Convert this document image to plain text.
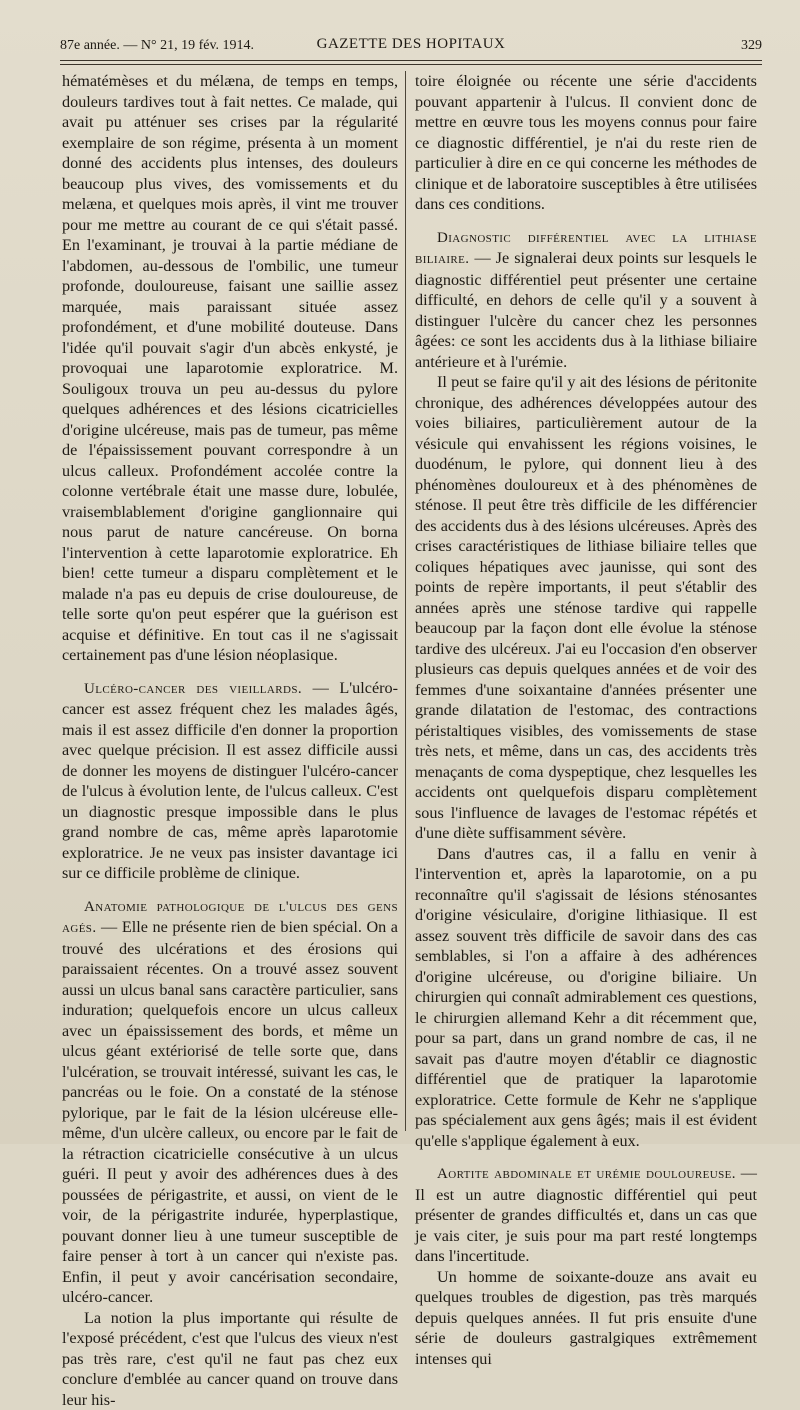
87e année. — N° 21, 19 fév. 1914.	GAZETTE DES HOPITAUX	329

hématémèses et du mélæna, de temps en temps, douleurs tardives tout à fait nettes. Ce malade, qui avait pu atténuer ses crises par la régularité exemplaire de son régime, présenta à un moment donné des accidents plus intenses, des douleurs beaucoup plus vives, des vomissements et du melæna, et quelques mois après, il vint me trouver pour me mettre au courant de ce qui s'était passé. En l'examinant, je trouvai à la partie médiane de l'abdomen, au-dessous de l'ombilic, une tumeur profonde, douloureuse, faisant une saillie assez marquée, mais paraissant située assez profondément, et d'une mobilité douteuse. Dans l'idée qu'il pouvait s'agir d'un abcès enkysté, je provoquai une laparotomie exploratrice. M. Souligoux trouva un peu au-dessus du pylore quelques adhérences et des lésions cicatricielles d'origine ulcéreuse, mais pas de tumeur, pas même de l'épaississement pouvant correspondre à un ulcus calleux. Profondément accolée contre la colonne vertébrale était une masse dure, lobulée, vraisemblablement d'origine ganglionnaire qui nous parut de nature cancéreuse. On borna l'intervention à cette laparotomie exploratrice. Eh bien! cette tumeur a disparu complètement et le malade n'a pas eu depuis de crise douloureuse, de telle sorte qu'on peut espérer que la guérison est acquise et définitive. En tout cas il ne s'agissait certainement pas d'une lésion néoplasique.

Ulcéro-cancer des vieillards. — L'ulcéro-cancer est assez fréquent chez les malades âgés, mais il est assez difficile d'en donner la proportion avec quelque précision. Il est assez difficile aussi de donner les moyens de distinguer l'ulcéro-cancer de l'ulcus à évolution lente, de l'ulcus calleux. C'est un diagnostic presque impossible dans le plus grand nombre de cas, même après laparotomie exploratrice. Je ne veux pas insister davantage ici sur ce difficile problème de clinique.

Anatomie pathologique de l'ulcus des gens agés. — Elle ne présente rien de bien spécial. On a trouvé des ulcérations et des érosions qui paraissaient récentes. On a trouvé assez souvent aussi un ulcus banal sans caractère particulier, sans induration; quelquefois encore un ulcus calleux avec un épaississement des bords, et même un ulcus géant extériorisé de telle sorte que, dans l'ulcération, se trouvait intéressé, suivant les cas, le pancréas ou le foie. On a constaté de la sténose pylorique, par le fait de la lésion ulcéreuse elle-même, d'un ulcère calleux, ou encore par le fait de la rétraction cicatricielle consécutive à un ulcus guéri. Il peut y avoir des adhérences dues à des poussées de périgastrite, et aussi, on vient de le voir, de la périgastrite indurée, hyperplastique, pouvant donner lieu à une tumeur susceptible de faire penser à tort à un cancer qui n'existe pas. Enfin, il peut y avoir cancérisation secondaire, ulcéro-cancer.

La notion la plus importante qui résulte de l'exposé précédent, c'est que l'ulcus des vieux n'est pas très rare, c'est qu'il ne faut pas chez eux conclure d'emblée au cancer quand on trouve dans leur his-

toire éloignée ou récente une série d'accidents pouvant appartenir à l'ulcus. Il convient donc de mettre en œuvre tous les moyens connus pour faire ce diagnostic différentiel, je n'ai du reste rien de particulier à dire en ce qui concerne les méthodes de clinique et de laboratoire susceptibles à être utilisées dans ces conditions.

Diagnostic différentiel avec la lithiase biliaire. — Je signalerai deux points sur lesquels le diagnostic différentiel peut présenter une certaine difficulté, en dehors de celle qu'il y a souvent à distinguer l'ulcère du cancer chez les personnes âgées: ce sont les accidents dus à la lithiase biliaire antérieure et à l'urémie.

Il peut se faire qu'il y ait des lésions de péritonite chronique, des adhérences développées autour des voies biliaires, particulièrement autour de la vésicule qui envahissent les régions voisines, le duodénum, le pylore, qui donnent lieu à des phénomènes douloureux et à des phénomènes de sténose. Il peut être très difficile de les différencier des accidents dus à des lésions ulcéreuses. Après des crises caractéristiques de lithiase biliaire telles que coliques hépatiques avec jaunisse, qui sont des points de repère importants, il peut s'établir des années après une sténose tardive qui rappelle beaucoup par la façon dont elle évolue la sténose tardive des ulcéreux. J'ai eu l'occasion d'en observer plusieurs cas depuis quelques années et de voir des femmes d'une soixantaine d'années présenter une grande dilatation de l'estomac, des contractions péristaltiques visibles, des vomissements de stase très nets, et même, dans un cas, des accidents très menaçants de coma dyspeptique, chez lesquelles les accidents ont quelquefois disparu complètement sous l'influence de lavages de l'estomac répétés et d'une diète suffisamment sévère.

Dans d'autres cas, il a fallu en venir à l'intervention et, après la laparotomie, on a pu reconnaître qu'il s'agissait de lésions sténosantes d'origine vésiculaire, d'origine lithiasique. Il est assez souvent très difficile de savoir dans des cas semblables, si l'on a affaire à des adhérences d'origine ulcéreuse, ou d'origine biliaire. Un chirurgien qui connaît admirablement ces questions, le chirurgien allemand Kehr a dit récemment que, pour sa part, dans un grand nombre de cas, il ne savait pas d'autre moyen d'établir ce diagnostic différentiel que de pratiquer la laparotomie exploratrice. Cette formule de Kehr ne s'applique pas spécialement aux gens âgés; mais il est évident qu'elle s'applique également à eux.

Aortite abdominale et urémie douloureuse. — Il est un autre diagnostic différentiel qui peut présenter de grandes difficultés et, dans un cas que je vais citer, je suis pour ma part resté longtemps dans l'incertitude.

Un homme de soixante-douze ans avait eu quelques troubles de digestion, pas très marqués depuis quelques années. Il fut pris ensuite d'une série de douleurs gastralgiques extrêmement intenses qui
